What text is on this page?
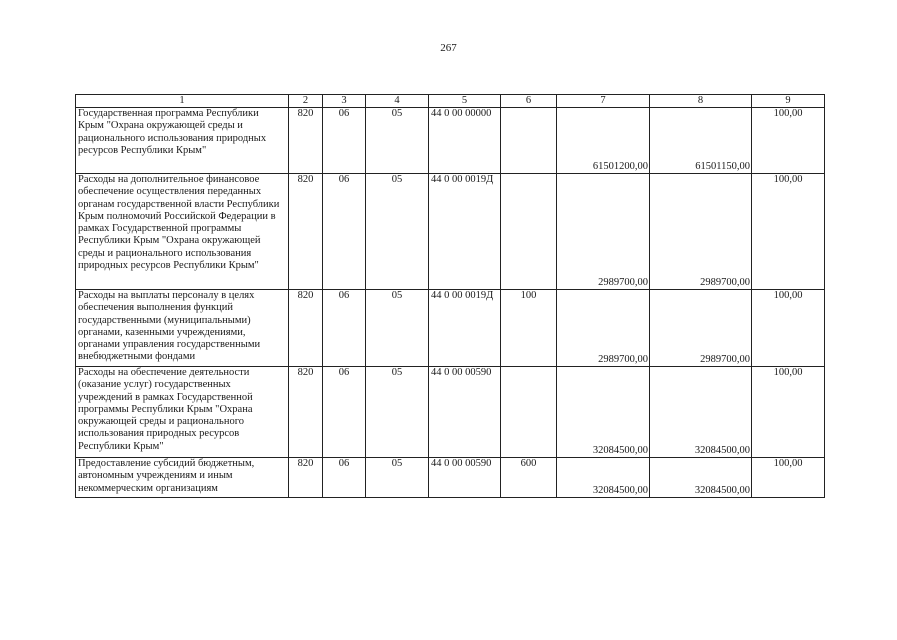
267
1	2	3	4	5	6	7	8	9
Государственная программа Республики Крым "Охрана окружающей среды и рационального использования природных ресурсов Республики Крым"	820	06	05	44 0 00 00000		61501200,00	61501150,00	100,00
Расходы на дополнительное финансовое обеспечение осуществления переданных органам государственной власти Республики Крым полномочий Российской Федерации в рамках Государственной программы Республики Крым "Охрана окружающей среды и рационального использования природных ресурсов Республики Крым"	820	06	05	44 0 00 0019Д		2989700,00	2989700,00	100,00
Расходы на выплаты персоналу в целях обеспечения выполнения функций государственными (муниципальными) органами, казенными учреждениями, органами управления государственными внебюджетными фондами	820	06	05	44 0 00 0019Д	100	2989700,00	2989700,00	100,00
Расходы на обеспечение деятельности (оказание услуг) государственных учреждений в рамках Государственной программы Республики Крым "Охрана окружающей среды и рационального использования природных ресурсов Республики Крым"	820	06	05	44 0 00 00590		32084500,00	32084500,00	100,00
Предоставление субсидий бюджетным, автономным учреждениям и иным некоммерческим организациям	820	06	05	44 0 00 00590	600	32084500,00	32084500,00	100,00
